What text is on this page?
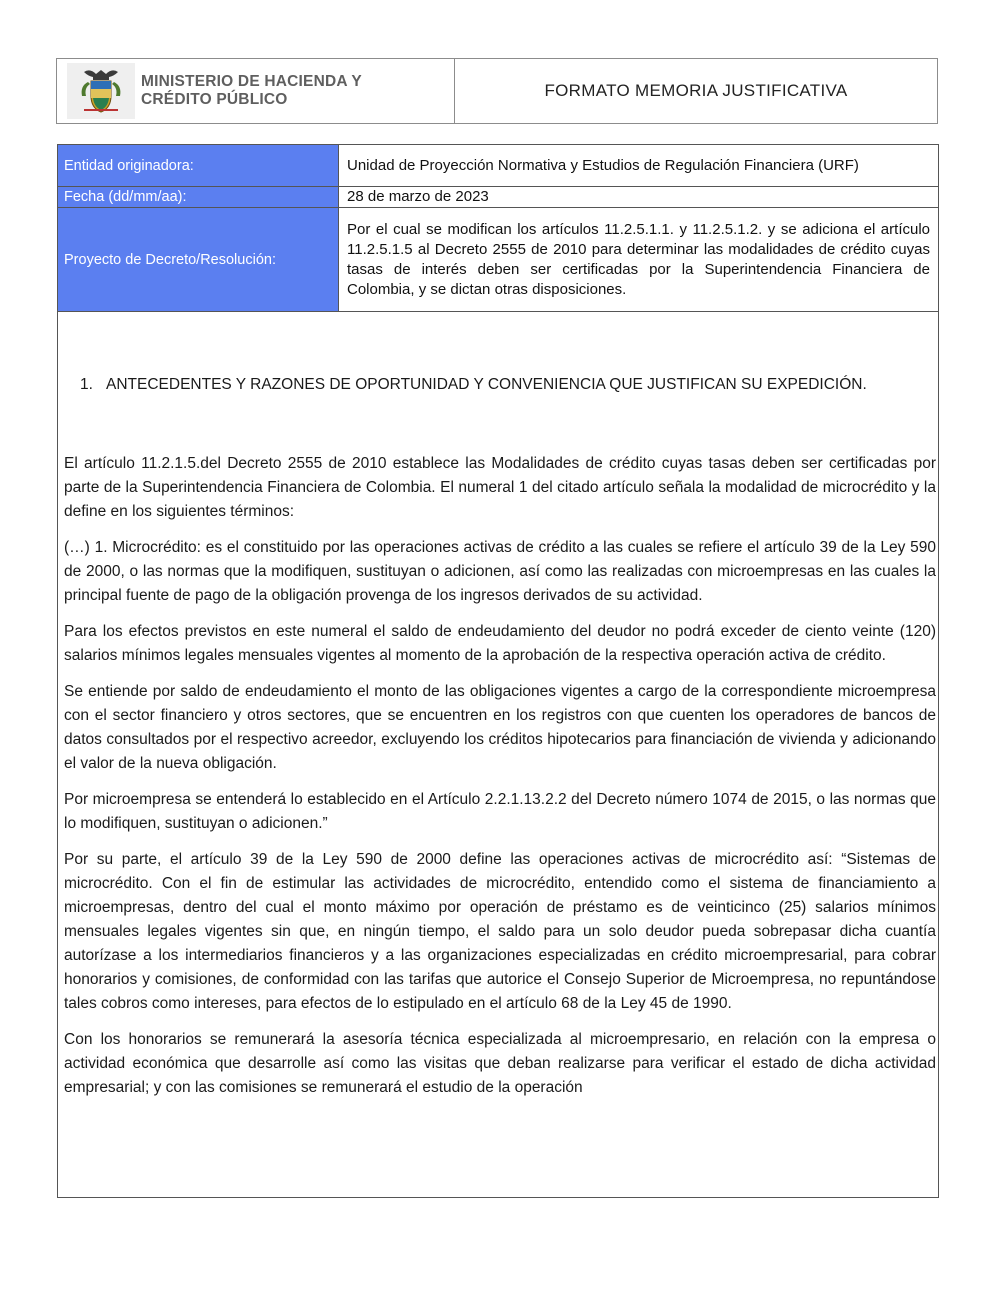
MINISTERIO DE HACIENDA Y
CRÉDITO PÚBLICO	FORMATO MEMORIA JUSTIFICATIVA
Entidad originadora:	Unidad de Proyección Normativa y Estudios de Regulación Financiera (URF)
Fecha (dd/mm/aa):	28 de marzo de 2023
Proyecto de Decreto/Resolución:	Por el cual se modifican los artículos 11.2.5.1.1. y 11.2.5.1.2. y se adiciona el artículo 11.2.5.1.5 al Decreto 2555 de 2010 para determinar las modalidades de crédito cuyas tasas de interés deben ser certificadas por la Superintendencia Financiera de Colombia, y se dictan otras disposiciones.
1. ANTECEDENTES Y RAZONES DE OPORTUNIDAD Y CONVENIENCIA QUE JUSTIFICAN SU EXPEDICIÓN.

El artículo 11.2.1.5.del Decreto 2555 de 2010 establece las Modalidades de crédito cuyas tasas deben ser certificadas por parte de la Superintendencia Financiera de Colombia. El numeral 1 del citado artículo señala la modalidad de microcrédito y la define en los siguientes términos:

(…) 1. Microcrédito: es el constituido por las operaciones activas de crédito a las cuales se refiere el artículo 39 de la Ley 590 de 2000, o las normas que la modifiquen, sustituyan o adicionen, así como las realizadas con microempresas en las cuales la principal fuente de pago de la obligación provenga de los ingresos derivados de su actividad.

Para los efectos previstos en este numeral el saldo de endeudamiento del deudor no podrá exceder de ciento veinte (120) salarios mínimos legales mensuales vigentes al momento de la aprobación de la respectiva operación activa de crédito.

Se entiende por saldo de endeudamiento el monto de las obligaciones vigentes a cargo de la correspondiente microempresa con el sector financiero y otros sectores, que se encuentren en los registros con que cuenten los operadores de bancos de datos consultados por el respectivo acreedor, excluyendo los créditos hipotecarios para financiación de vivienda y adicionando el valor de la nueva obligación.

Por microempresa se entenderá lo establecido en el Artículo 2.2.1.13.2.2 del Decreto número 1074 de 2015, o las normas que lo modifiquen, sustituyan o adicionen.”

Por su parte, el artículo 39 de la Ley 590 de 2000 define las operaciones activas de microcrédito así: “Sistemas de microcrédito. Con el fin de estimular las actividades de microcrédito, entendido como el sistema de financiamiento a microempresas, dentro del cual el monto máximo por operación de préstamo es de veinticinco (25) salarios mínimos mensuales legales vigentes sin que, en ningún tiempo, el saldo para un solo deudor pueda sobrepasar dicha cuantía autorízase a los intermediarios financieros y a las organizaciones especializadas en crédito microempresarial, para cobrar honorarios y comisiones, de conformidad con las tarifas que autorice el Consejo Superior de Microempresa, no repuntándose tales cobros como intereses, para efectos de lo estipulado en el artículo 68 de la Ley 45 de 1990.

Con los honorarios se remunerará la asesoría técnica especializada al microempresario, en relación con la empresa o actividad económica que desarrolle así como las visitas que deban realizarse para verificar el estado de dicha actividad empresarial; y con las comisiones se remunerará el estudio de la operación
